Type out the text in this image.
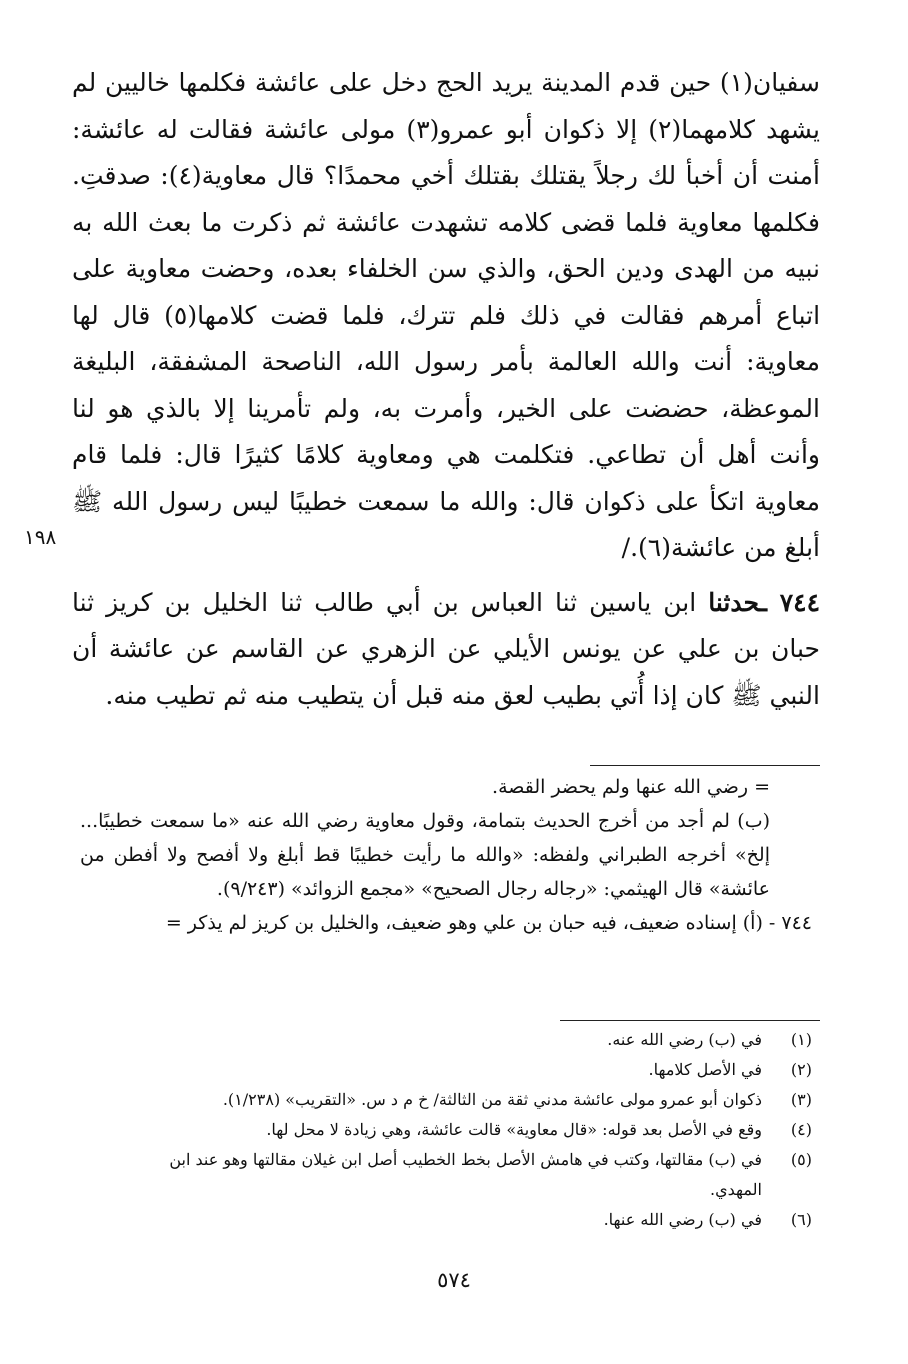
سفيان(١) حين قدم المدينة يريد الحج دخل على عائشة فكلمها خاليين لم يشهد كلامهما(٢) إلا ذكوان أبو عمرو(٣) مولى عائشة فقالت له عائشة: أمنت أن أخبأ لك رجلاً يقتلك بقتلك أخي محمدًا؟ قال معاوية(٤): صدقتِ. فكلمها معاوية فلما قضى كلامه تشهدت عائشة ثم ذكرت ما بعث الله به نبيه من الهدى ودين الحق، والذي سن الخلفاء بعده، وحضت معاوية على اتباع أمرهم فقالت في ذلك فلم تترك، فلما قضت كلامها(٥) قال لها معاوية: أنت والله العالمة بأمر رسول الله، الناصحة المشفقة، البليغة الموعظة، حضضت على الخير، وأمرت به، ولم تأمرينا إلا بالذي هو لنا وأنت أهل أن تطاعي. فتكلمت هي ومعاوية كلامًا كثيرًا قال: فلما قام معاوية اتكأ على ذكوان قال: والله ما سمعت خطيبًا ليس رسول الله ﷺ أبلغ من عائشة(٦)./

٧٤٤ ـحدثنا ابن ياسين ثنا العباس بن أبي طالب ثنا الخليل بن كريز ثنا حبان بن علي عن يونس الأيلي عن الزهري عن القاسم عن عائشة أن النبي ﷺ كان إذا أُتي بطيب لعق منه قبل أن يتطيب منه ثم تطيب منه.

١٩٨

= رضي الله عنها ولم يحضر القصة.

(ب) لم أجد من أخرج الحديث بتمامة، وقول معاوية رضي الله عنه «ما سمعت خطيبًا... إلخ» أخرجه الطبراني ولفظه: «والله ما رأيت خطيبًا قط أبلغ ولا أفصح ولا أفطن من عائشة» قال الهيثمي: «رجاله رجال الصحيح» «مجمع الزوائد» (٩/٢٤٣).

٧٤٤ - (أ) إسناده ضعيف، فيه حبان بن علي وهو ضعيف، والخليل بن كريز لم يذكر =

(١)
في (ب) رضي الله عنه.
(٢)
في الأصل كلامها.
(٣)
ذكوان أبو عمرو مولى عائشة مدني ثقة من الثالثة/ خ م د س. «التقريب» (١/٢٣٨).
(٤)
وقع في الأصل بعد قوله: «قال معاوية» قالت عائشة، وهي زيادة لا محل لها.
(٥)
في (ب) مقالتها، وكتب في هامش الأصل بخط الخطيب أصل ابن غيلان مقالتها وهو عند ابن المهدي.
(٦)
في (ب) رضي الله عنها.
٥٧٤
